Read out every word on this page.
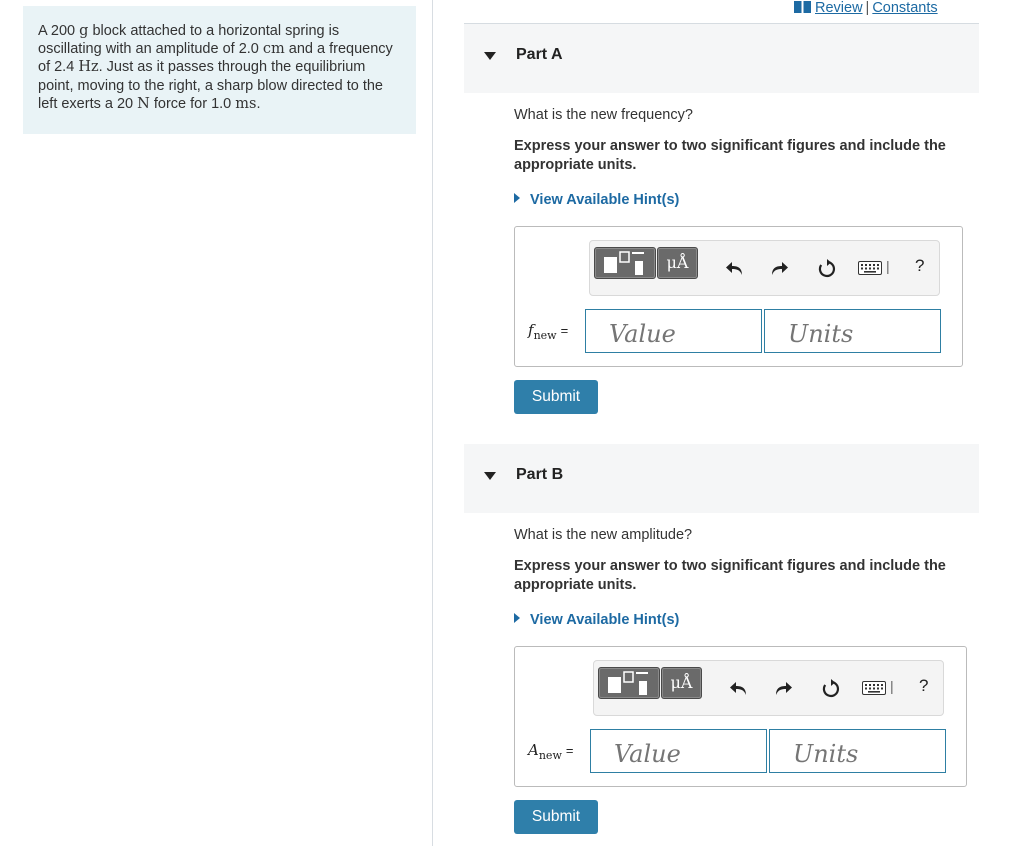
A 200 g block attached to a horizontal spring is oscillating with an amplitude of 2.0 cm and a frequency of 2.4 Hz. Just as it passes through the equilibrium point, moving to the right, a sharp blow directed to the left exerts a 20 N force for 1.0 ms.
Review | Constants
Part A
What is the new frequency?
Express your answer to two significant figures and include the appropriate units.
View Available Hint(s)
μÅ	| ?
$f_{new}$ =
Value
Units
Submit
Part B
What is the new amplitude?
Express your answer to two significant figures and include the appropriate units.
View Available Hint(s)
μÅ	| ?
$A_{new}$ =
Value
Units
Submit
